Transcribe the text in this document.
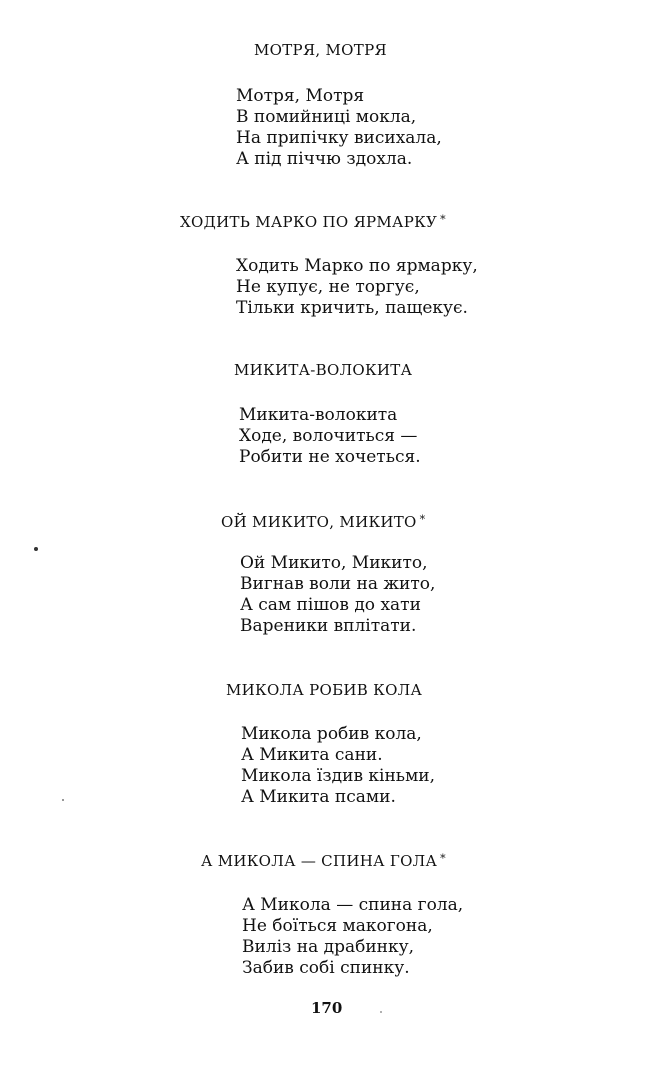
МОТРЯ, МОТРЯ
Мотря, Мотря
В помийниці мокла,
На припічку висихала,
А під піччю здохла.
ХОДИТЬ МАРКО ПО ЯРМАРКУ *
Ходить Марко по ярмарку,
Не купує, не торгує,
Тільки кричить, пащекує.
МИКИТА-ВОЛОКИТА
Микита-волокита
Ходе, волочиться —
Робити не хочеться.
ОЙ МИКИТО, МИКИТО *
Ой Микито, Микито,
Вигнав воли на жито,
А сам пішов до хати
Вареники вплітати.
МИКОЛА РОБИВ КОЛА
Микола робив кола,
А Микита сани.
Микола їздив кіньми,
А Микита псами.
А МИКОЛА — СПИНА ГОЛА *
А Микола — спина гола,
Не боїться макогона,
Виліз на драбинку,
Забив собі спинку.
170
